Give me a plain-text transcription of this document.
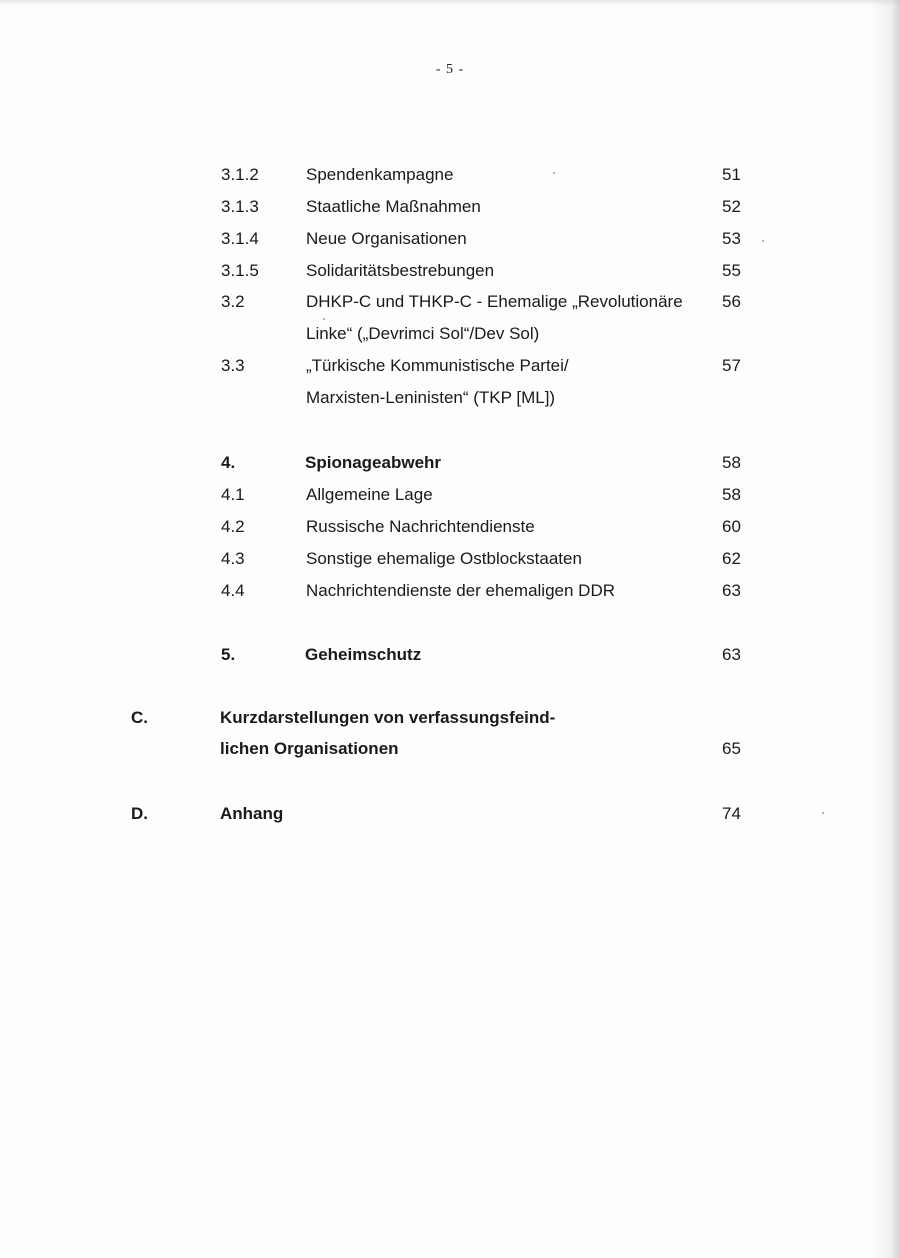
- 5 -
3.1.2	Spendenkampagne	51
3.1.3	Staatliche Maßnahmen	52
3.1.4	Neue Organisationen	53
3.1.5	Solidaritätsbestrebungen	55
3.2	DHKP-C und THKP-C - Ehemalige „Revolutionäre 56
Linke“ („Devrimci Sol“/Dev Sol)
3.3	„Türkische Kommunistische Partei/	57
Marxisten-Leninisten“ (TKP [ML])
4.	Spionageabwehr	58
4.1	Allgemeine Lage	58
4.2	Russische Nachrichtendienste	60
4.3	Sonstige ehemalige Ostblockstaaten	62
4.4	Nachrichtendienste der ehemaligen DDR	63
5.	Geheimschutz	63
C.	Kurzdarstellungen von verfassungsfeind-
lichen Organisationen	65
D.	Anhang	74
